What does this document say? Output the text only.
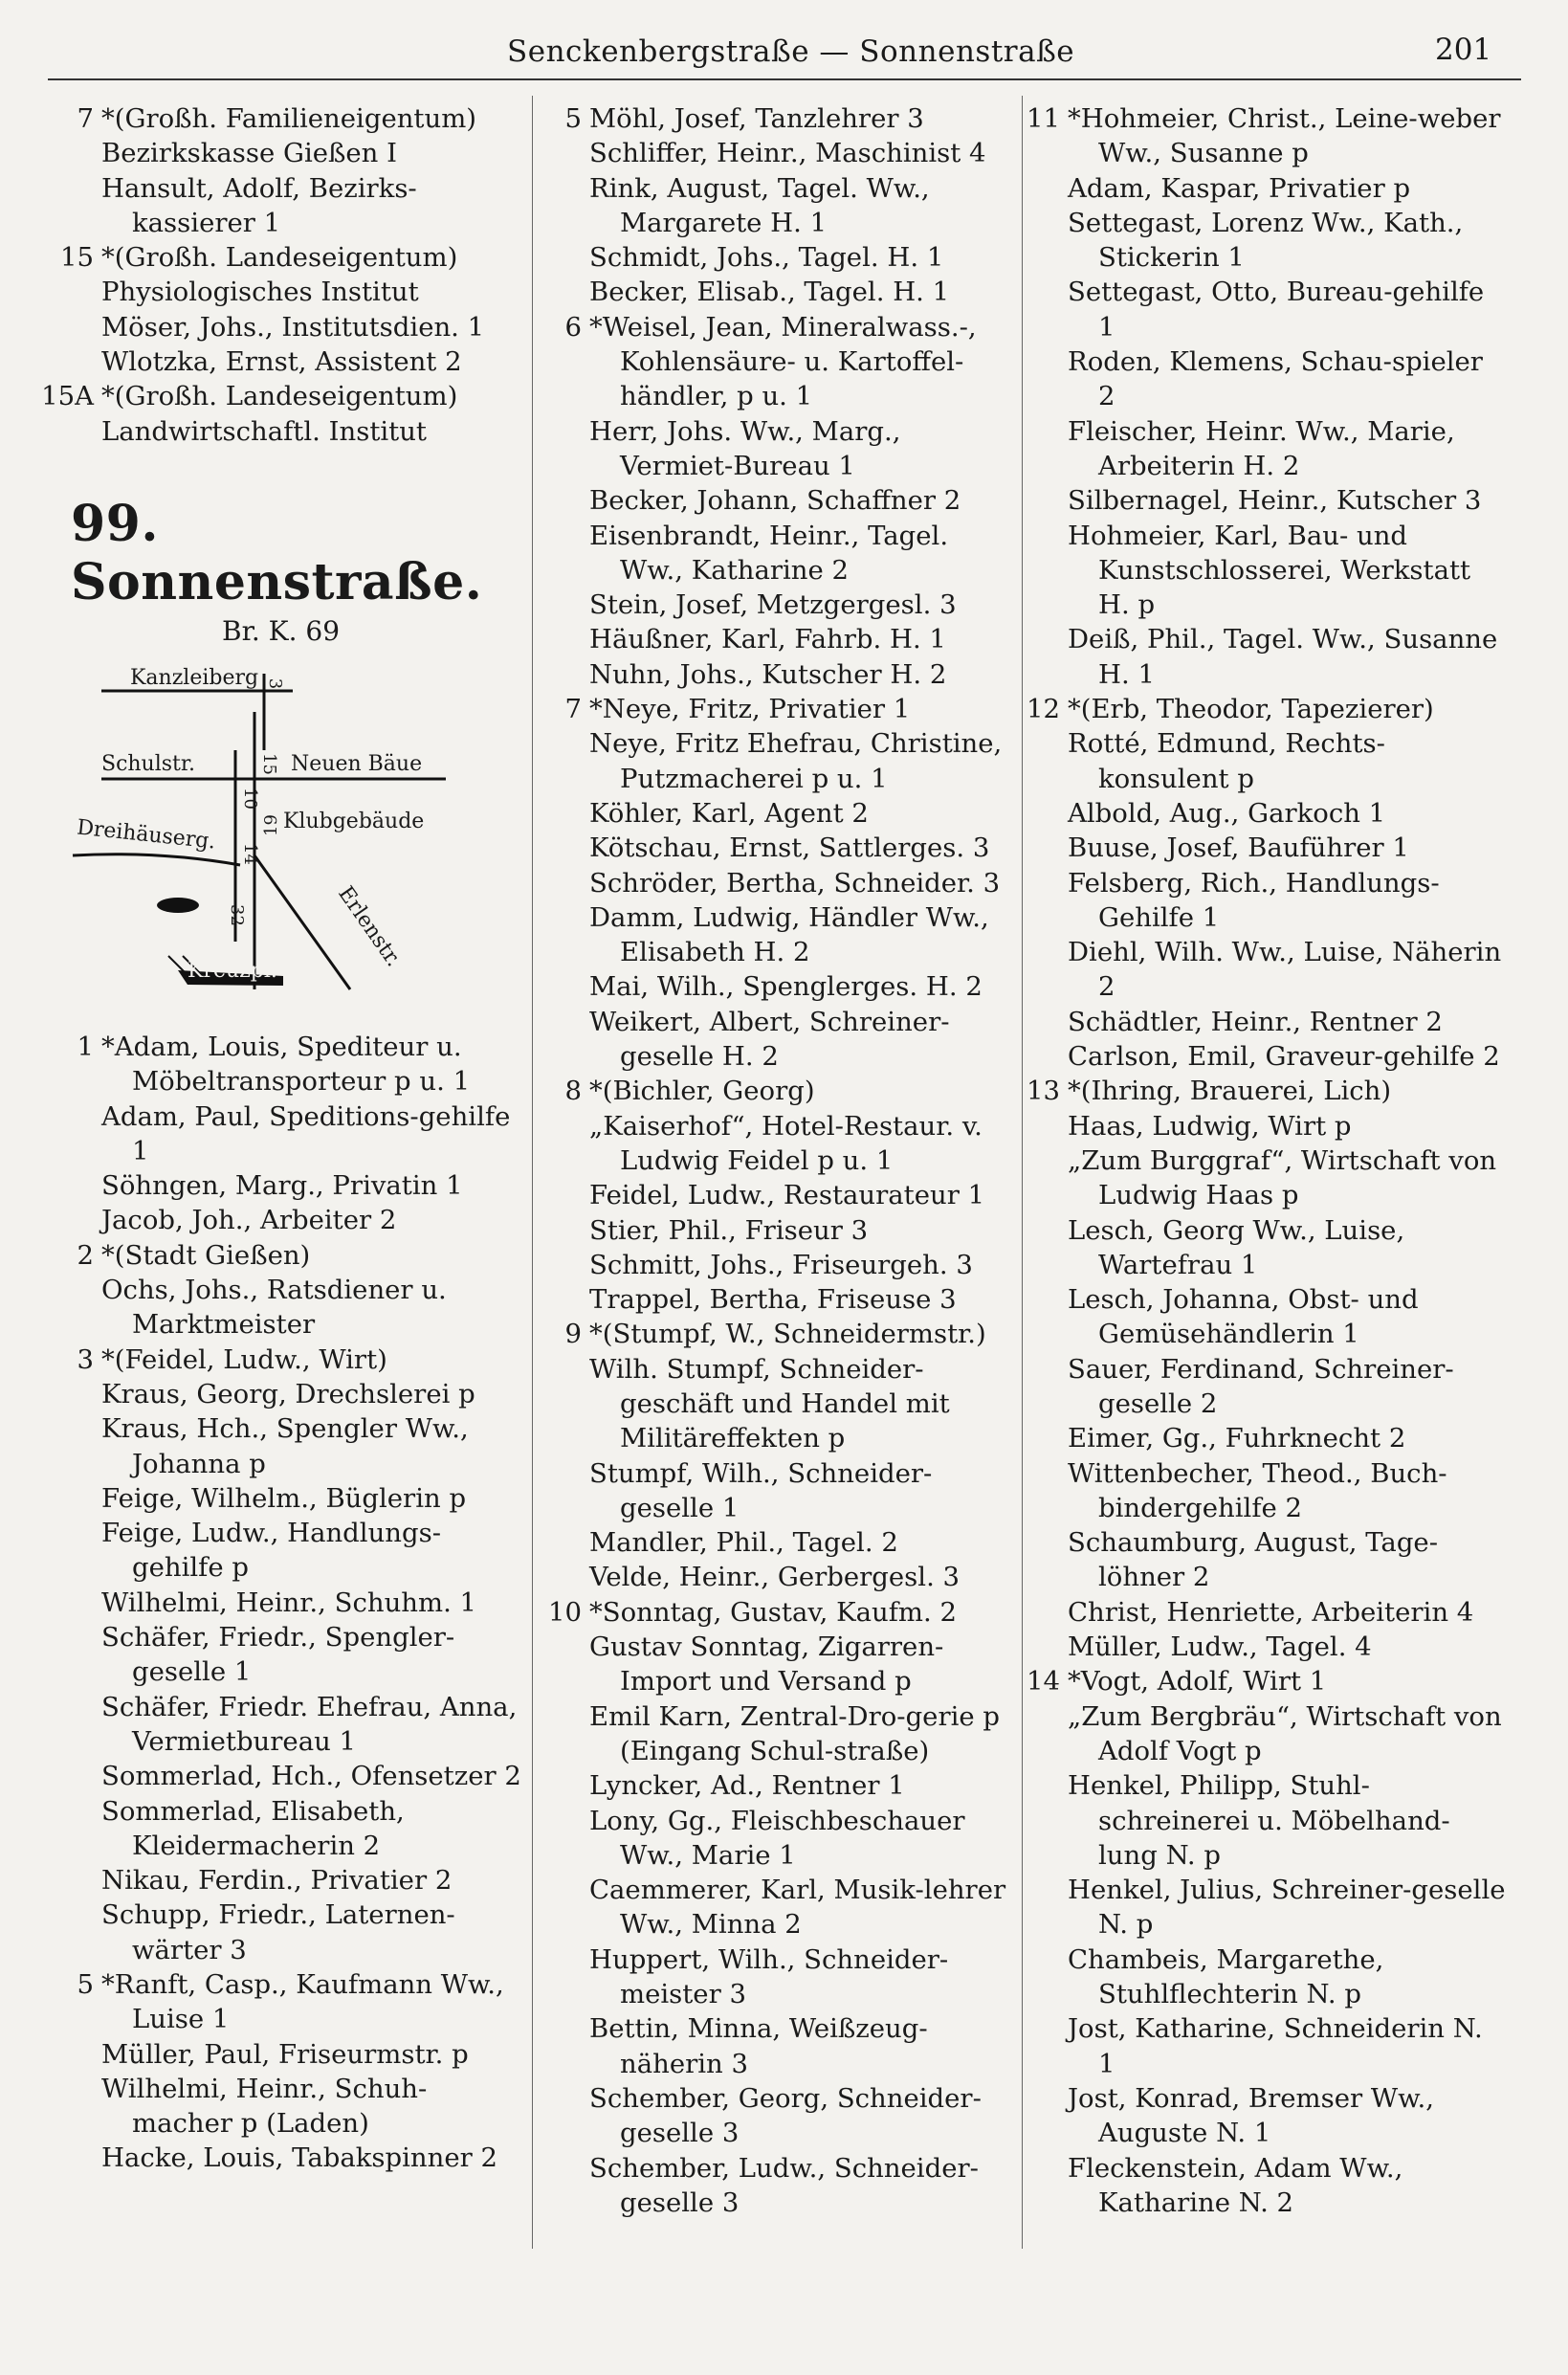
Senckenbergstraße — Sonnenstraße	201
7 *(Großh. Familieneigentum)
Bezirkskasse Gießen I
Hansult, Adolf, Bezirks-kassierer 1
15 *(Großh. Landeseigentum)
Physiologisches Institut
Möser, Johs., Institutsdien. 1
Wlotzka, Ernst, Assistent 2
15A *(Großh. Landeseigentum)
Landwirtschaftl. Institut
99. Sonnenstraße.
Br. K. 69
Kanzleiberg
Schulstr.	Neuen Bäue
Dreihäuserg.	Klubgebäude
Erlenstr.
Kreuzpl.
3
15
10
19
14
32
1 *Adam, Louis, Spediteur u. Möbeltransporteur p u. 1
Adam, Paul, Speditions-gehilfe 1
Söhngen, Marg., Privatin 1
Jacob, Joh., Arbeiter 2
2 *(Stadt Gießen)
Ochs, Johs., Ratsdiener u. Marktmeister
3 *(Feidel, Ludw., Wirt)
Kraus, Georg, Drechslerei p
Kraus, Hch., Spengler Ww., Johanna p
Feige, Wilhelm., Büglerin p
Feige, Ludw., Handlungs-gehilfe p
Wilhelmi, Heinr., Schuhm. 1
Schäfer, Friedr., Spengler-geselle 1
Schäfer, Friedr. Ehefrau, Anna, Vermietbureau 1
Sommerlad, Hch., Ofensetzer 2
Sommerlad, Elisabeth, Kleidermacherin 2
Nikau, Ferdin., Privatier 2
Schupp, Friedr., Laternen-wärter 3
5 *Ranft, Casp., Kaufmann Ww., Luise 1
Müller, Paul, Friseurmstr. p
Wilhelmi, Heinr., Schuh-macher p (Laden)
Hacke, Louis, Tabakspinner 2
5 Möhl, Josef, Tanzlehrer 3
Schliffer, Heinr., Maschinist 4
Rink, August, Tagel. Ww., Margarete H. 1
Schmidt, Johs., Tagel. H. 1
Becker, Elisab., Tagel. H. 1
6 *Weisel, Jean, Mineralwass.-, Kohlensäure- u. Kartoffel-händler, p u. 1
Herr, Johs. Ww., Marg., Vermiet-Bureau 1
Becker, Johann, Schaffner 2
Eisenbrandt, Heinr., Tagel. Ww., Katharine 2
Stein, Josef, Metzgergesl. 3
Häußner, Karl, Fahrb. H. 1
Nuhn, Johs., Kutscher H. 2
7 *Neye, Fritz, Privatier 1
Neye, Fritz Ehefrau, Christine, Putzmacherei p u. 1
Köhler, Karl, Agent 2
Kötschau, Ernst, Sattlerges. 3
Schröder, Bertha, Schneider. 3
Damm, Ludwig, Händler Ww., Elisabeth H. 2
Mai, Wilh., Spenglerges. H. 2
Weikert, Albert, Schreiner-geselle H. 2
8 *(Bichler, Georg)
„Kaiserhof“, Hotel-Restaur. v. Ludwig Feidel p u. 1
Feidel, Ludw., Restaurateur 1
Stier, Phil., Friseur 3
Schmitt, Johs., Friseurgeh. 3
Trappel, Bertha, Friseuse 3
9 *(Stumpf, W., Schneidermstr.)
Wilh. Stumpf, Schneider-geschäft und Handel mit Militäreffekten p
Stumpf, Wilh., Schneider-geselle 1
Mandler, Phil., Tagel. 2
Velde, Heinr., Gerbergesl. 3
10 *Sonntag, Gustav, Kaufm. 2
Gustav Sonntag, Zigarren-Import und Versand p
Emil Karn, Zentral-Dro-gerie p (Eingang Schul-straße)
Lyncker, Ad., Rentner 1
Lony, Gg., Fleischbeschauer Ww., Marie 1
Caemmerer, Karl, Musik-lehrer Ww., Minna 2
Huppert, Wilh., Schneider-meister 3
Bettin, Minna, Weißzeug-näherin 3
Schember, Georg, Schneider-geselle 3
Schember, Ludw., Schneider-geselle 3
11 *Hohmeier, Christ., Leine-weber Ww., Susanne p
Adam, Kaspar, Privatier p
Settegast, Lorenz Ww., Kath., Stickerin 1
Settegast, Otto, Bureau-gehilfe 1
Roden, Klemens, Schau-spieler 2
Fleischer, Heinr. Ww., Marie, Arbeiterin H. 2
Silbernagel, Heinr., Kutscher 3
Hohmeier, Karl, Bau- und Kunstschlosserei, Werkstatt H. p
Deiß, Phil., Tagel. Ww., Susanne H. 1
12 *(Erb, Theodor, Tapezierer)
Rotté, Edmund, Rechts-konsulent p
Albold, Aug., Garkoch 1
Buuse, Josef, Bauführer 1
Felsberg, Rich., Handlungs-Gehilfe 1
Diehl, Wilh. Ww., Luise, Näherin 2
Schädtler, Heinr., Rentner 2
Carlson, Emil, Graveur-gehilfe 2
13 *(Ihring, Brauerei, Lich)
Haas, Ludwig, Wirt p
„Zum Burggraf“, Wirtschaft von Ludwig Haas p
Lesch, Georg Ww., Luise, Wartefrau 1
Lesch, Johanna, Obst- und Gemüsehändlerin 1
Sauer, Ferdinand, Schreiner-geselle 2
Eimer, Gg., Fuhrknecht 2
Wittenbecher, Theod., Buch-bindergehilfe 2
Schaumburg, August, Tage-löhner 2
Christ, Henriette, Arbeiterin 4
Müller, Ludw., Tagel. 4
14 *Vogt, Adolf, Wirt 1
„Zum Bergbräu“, Wirtschaft von Adolf Vogt p
Henkel, Philipp, Stuhl-schreinerei u. Möbelhand-lung N. p
Henkel, Julius, Schreiner-geselle N. p
Chambeis, Margarethe, Stuhlflechterin N. p
Jost, Katharine, Schneiderin N. 1
Jost, Konrad, Bremser Ww., Auguste N. 1
Fleckenstein, Adam Ww., Katharine N. 2
